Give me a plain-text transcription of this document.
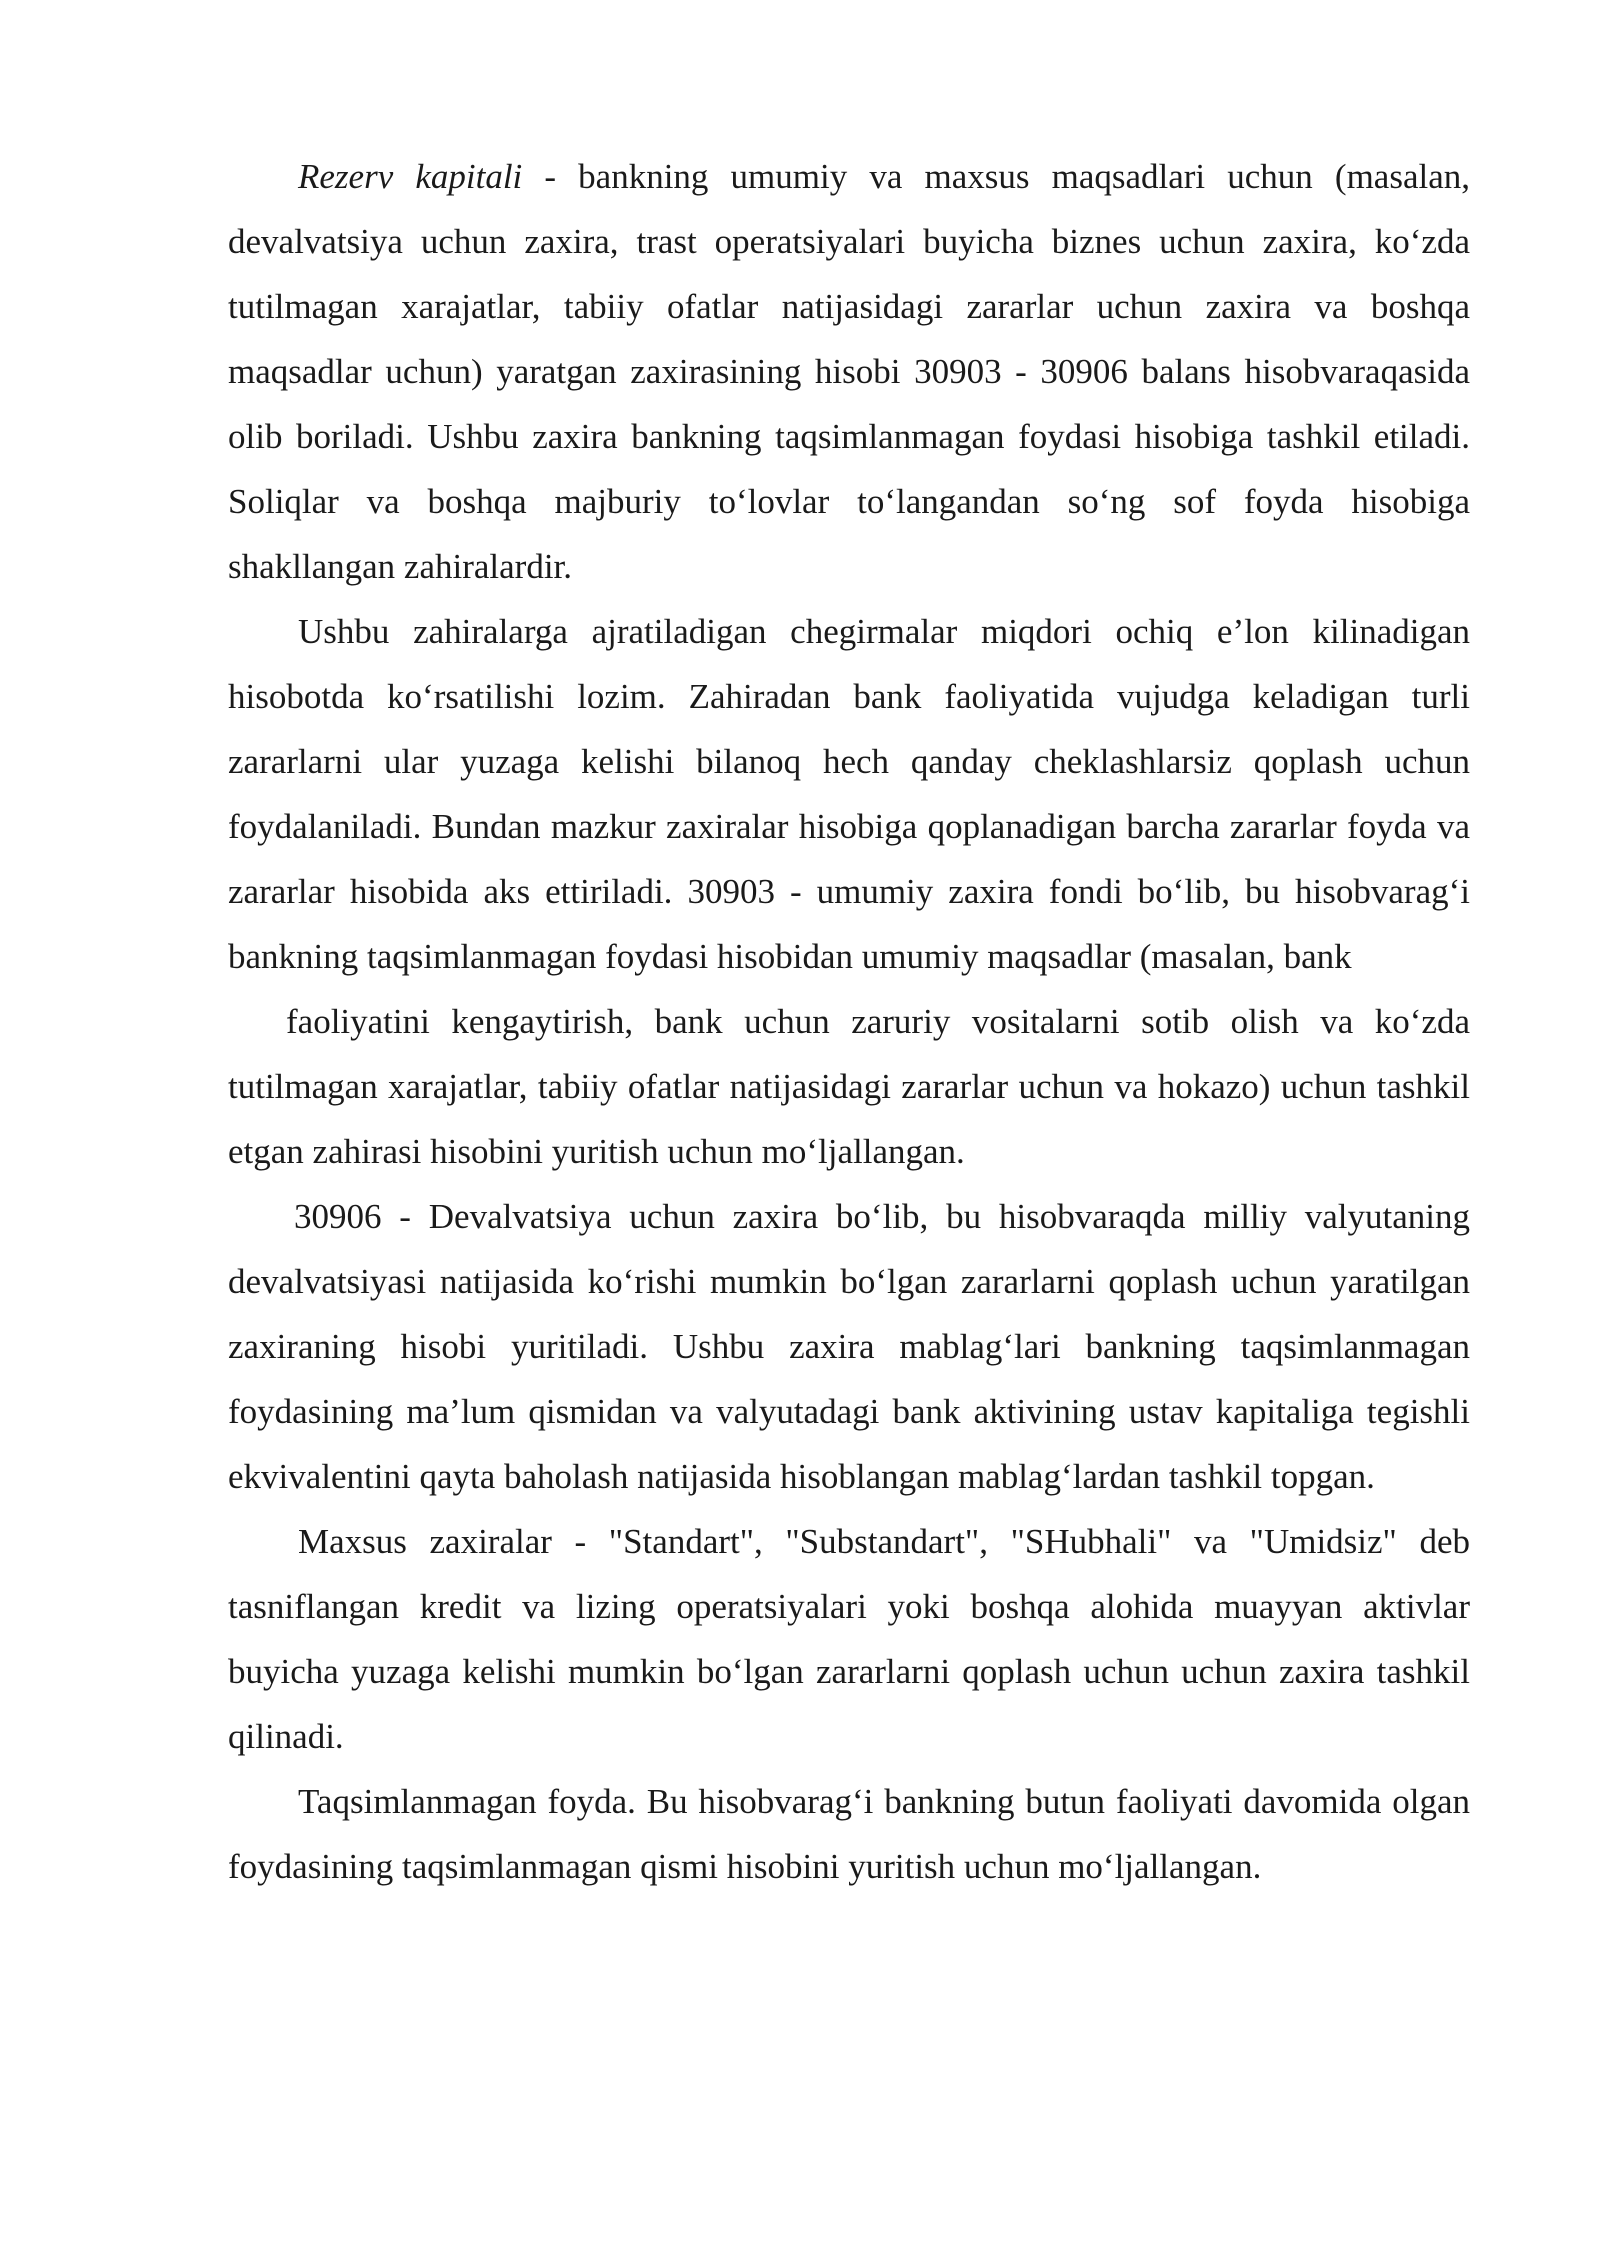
Rezerv kapitali - bankning umumiy va maxsus maqsadlari uchun (masalan, devalvatsiya uchun zaxira, trast operatsiyalari buyicha biznes uchun zaxira, ko‘zda tutilmagan xarajatlar, tabiiy ofatlar natijasidagi zararlar uchun zaxira va boshqa maqsadlar uchun) yaratgan zaxirasining hisobi 30903 - 30906 balans hisobvaraqasida olib boriladi. Ushbu zaxira bankning taqsimlanmagan foydasi hisobiga tashkil etiladi. Soliqlar va boshqa majburiy to‘lovlar to‘langandan so‘ng sof foyda hisobiga shakllangan zahiralardir.

Ushbu zahiralarga ajratiladigan chegirmalar miqdori ochiq e’lon kilinadigan hisobotda ko‘rsatilishi lozim. Zahiradan bank faoliyatida vujudga keladigan turli zararlarni ular yuzaga kelishi bilanoq hech qanday cheklashlarsiz qoplash uchun foydalaniladi. Bundan mazkur zaxiralar hisobiga qoplanadigan barcha zararlar foyda va zararlar hisobida aks ettiriladi. 30903 - umumiy zaxira fondi bo‘lib, bu hisobvarag‘i bankning taqsimlanmagan foydasi hisobidan umumiy maqsadlar (masalan, bank

faoliyatini kengaytirish, bank uchun zaruriy vositalarni sotib olish va ko‘zda tutilmagan xarajatlar, tabiiy ofatlar natijasidagi zararlar uchun va hokazo) uchun tashkil etgan zahirasi hisobini yuritish uchun mo‘ljallangan.

30906 - Devalvatsiya uchun zaxira bo‘lib, bu hisobvaraqda milliy valyutaning devalvatsiyasi natijasida ko‘rishi mumkin bo‘lgan zararlarni qoplash uchun yaratilgan zaxiraning hisobi yuritiladi. Ushbu zaxira mablag‘lari bankning taqsimlanmagan foydasining ma’lum qismidan va valyutadagi bank aktivining ustav kapitaliga tegishli ekvivalentini qayta baholash natijasida hisoblangan mablag‘lardan tashkil topgan.

Maxsus zaxiralar - "Standart", "Substandart", "SHubhali" va "Umidsiz" deb tasniflangan kredit va lizing operatsiyalari yoki boshqa alohida muayyan aktivlar buyicha yuzaga kelishi mumkin bo‘lgan zararlarni qoplash uchun uchun zaxira tashkil qilinadi.

Taqsimlanmagan foyda. Bu hisobvarag‘i bankning butun faoliyati davomida olgan foydasining taqsimlanmagan qismi hisobini yuritish uchun mo‘ljallangan.
